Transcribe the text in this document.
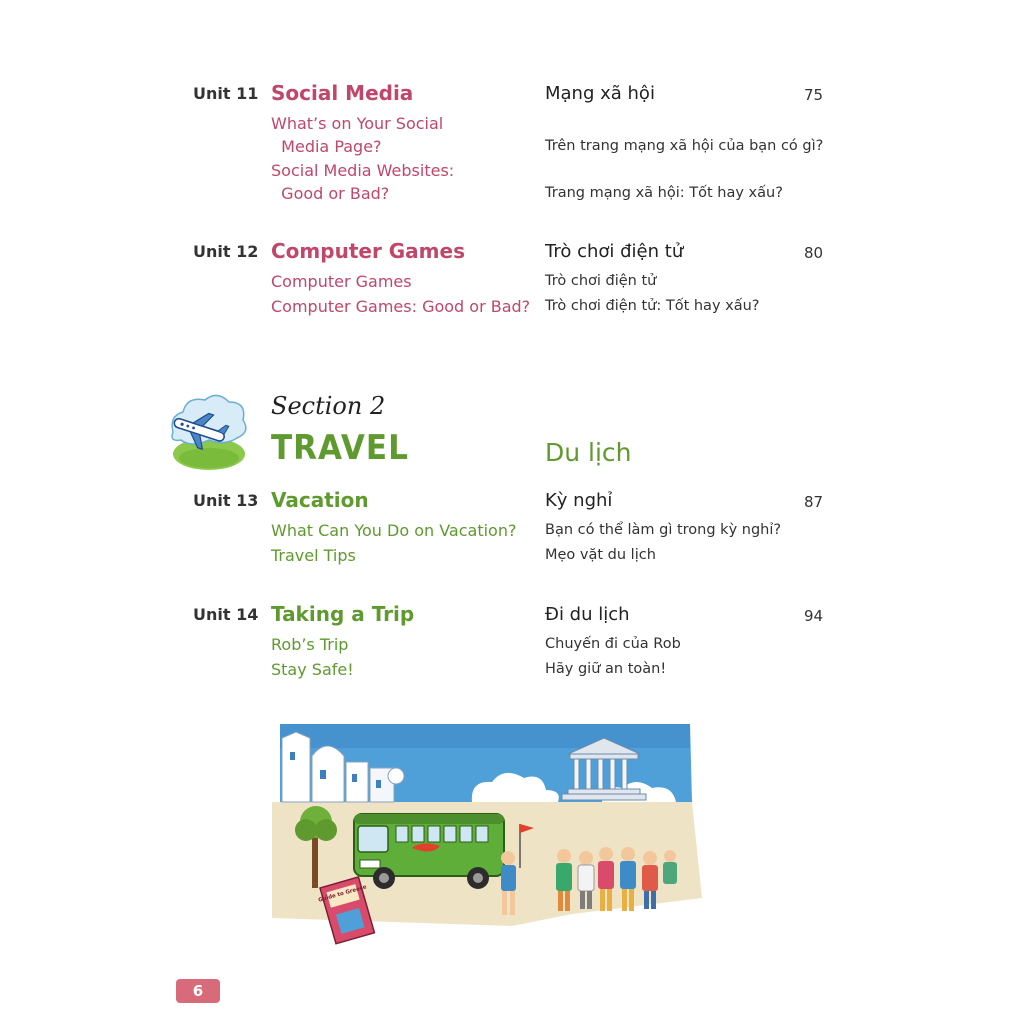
Unit 11 Social Media	Mạng xã hội	75
What’s on Your Social
Media Page?	Trên trang mạng xã hội của bạn có gì?
Social Media Websites:
Good or Bad?	Trang mạng xã hội: Tốt hay xấu?
Unit 12 Computer Games	Trò chơi điện tử	80
Computer Games	Trò chơi điện tử
Computer Games: Good or Bad? Trò chơi điện tử: Tốt hay xấu?
Section 2
TRAVEL	Du lịch
Unit 13 Vacation	Kỳ nghỉ	87
What Can You Do on Vacation? Bạn có thể làm gì trong kỳ nghỉ?
Travel Tips	Mẹo vặt du lịch
Unit 14 Taking a Trip	Đi du lịch	94
Rob’s Trip	Chuyến đi của Rob
Stay Safe!	Hãy giữ an toàn!
Guide to Greece
6
